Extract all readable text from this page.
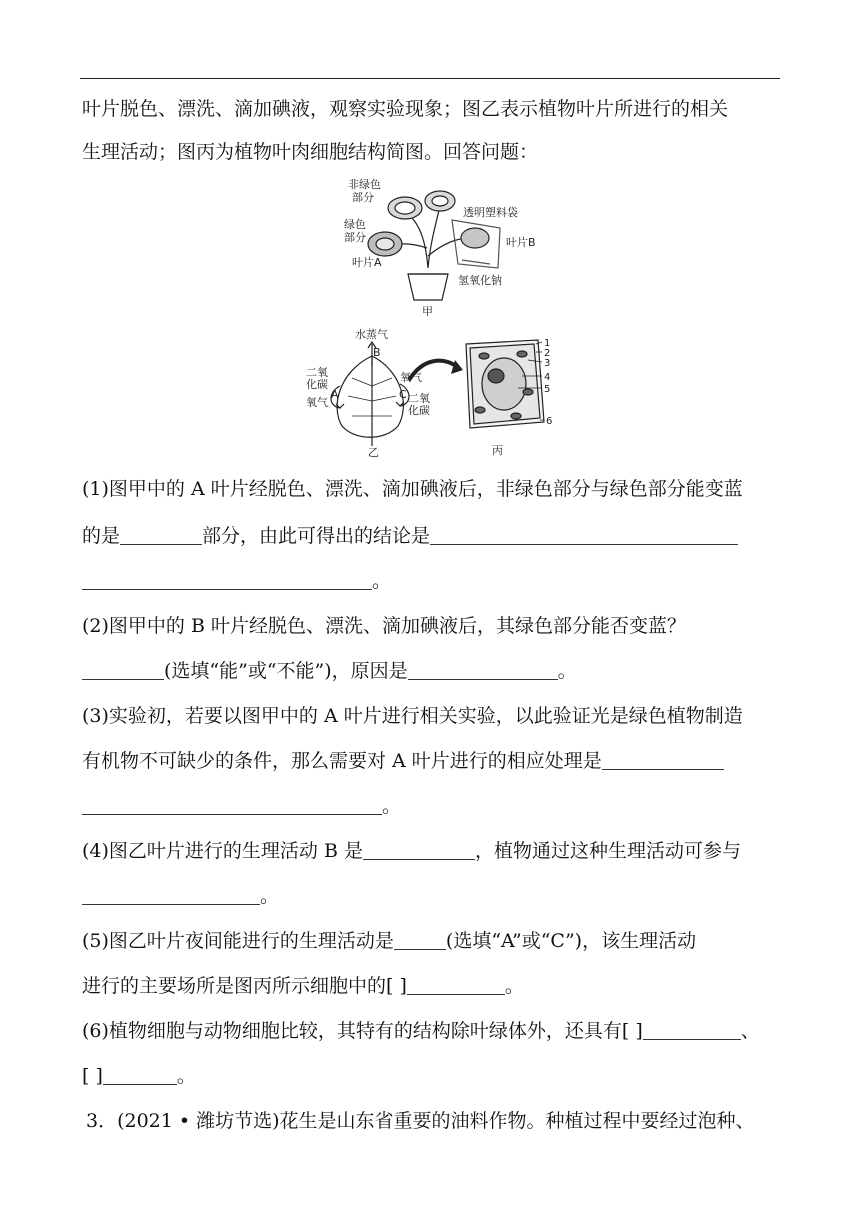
叶片脱色、漂洗、滴加碘液，观察实验现象；图乙表示植物叶片所进行的相关
生理活动；图丙为植物叶肉细胞结构简图。回答问题：
非绿色
部分
绿色
部分
叶片A
透明塑料袋
叶片B
氢氧化钠
甲
水蒸气
B
二氧
化碳
A
氧气
氧气
C 二氧
化碳
乙
1
2
3
4
5
6
丙
(1)图甲中的 A 叶片经脱色、漂洗、滴加碘液后，非绿色部分与绿色部分能变蓝
的是	部分，由此可得出的结论是
。
(2)图甲中的 B 叶片经脱色、漂洗、滴加碘液后，其绿色部分能否变蓝？
(选填“能”或“不能”)，原因是	。
(3)实验初，若要以图甲中的 A 叶片进行相关实验，以此验证光是绿色植物制造
有机物不可缺少的条件，那么需要对 A 叶片进行的相应处理是
。
(4)图乙叶片进行的生理活动 B 是	，植物通过这种生理活动可参与
。
(5)图乙叶片夜间能进行的生理活动是	(选填“A”或“C”)，该生理活动
进行的主要场所是图丙所示细胞中的[ ]	。
(6)植物细胞与动物细胞比较，其特有的结构除叶绿体外，还具有[ ]	、
[ ]	。
3．(2021 • 潍坊节选)花生是山东省重要的油料作物。种植过程中要经过泡种、
